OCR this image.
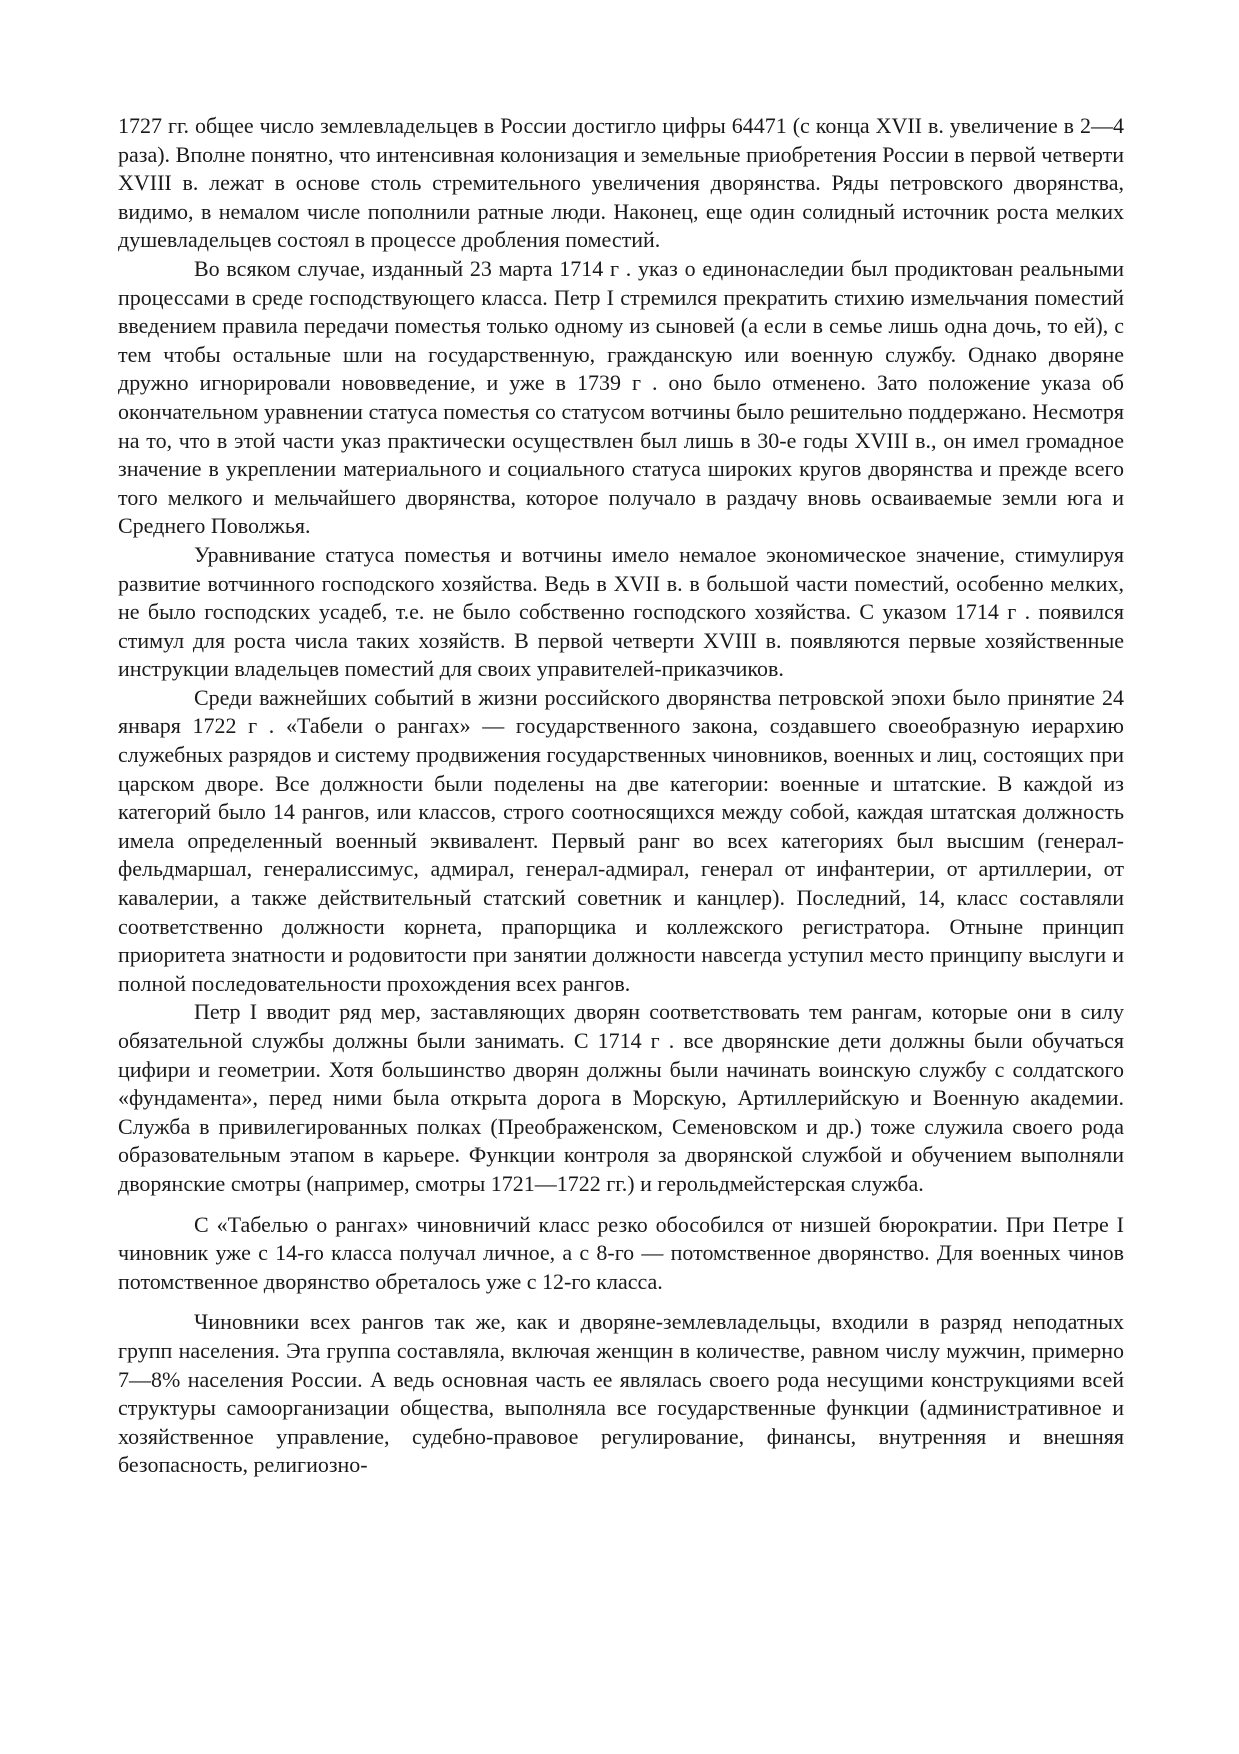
1727 гг. общее число землевладельцев в России достигло цифры 64471 (с конца XVII в. увеличение в 2—4 раза). Вполне понятно, что интенсивная колонизация и земельные приобретения России в первой четверти XVIII в. лежат в основе столь стремительного увеличения дворянства. Ряды петровского дворянства, видимо, в немалом числе пополнили ратные люди. Наконец, еще один солидный источник роста мелких душевладельцев состоял в процессе дробления поместий.

Во всяком случае, изданный 23 марта 1714 г . указ о единонаследии был продиктован реальными процессами в среде господствующего класса. Петр I стремился прекратить стихию измельчания поместий введением правила передачи поместья только одному из сыновей (а если в семье лишь одна дочь, то ей), с тем чтобы остальные шли на государственную, гражданскую или военную службу. Однако дворяне дружно игнорировали нововведение, и уже в 1739 г . оно было отменено. Зато положение указа об окончательном уравнении статуса поместья со статусом вотчины было решительно поддержано. Несмотря на то, что в этой части указ практически осуществлен был лишь в 30-е годы XVIII в., он имел громадное значение в укреплении материального и социального статуса широких кругов дворянства и прежде всего того мелкого и мельчайшего дворянства, которое получало в раздачу вновь осваиваемые земли юга и Среднего Поволжья.

Уравнивание статуса поместья и вотчины имело немалое экономическое значение, стимулируя развитие вотчинного господского хозяйства. Ведь в XVII в. в большой части поместий, особенно мелких, не было господских усадеб, т.е. не было собственно господского хозяйства. С указом 1714 г . появился стимул для роста числа таких хозяйств. В первой четверти XVIII в. появляются первые хозяйственные инструкции владельцев поместий для своих управителей-приказчиков.

Среди важнейших событий в жизни российского дворянства петровской эпохи было принятие 24 января 1722 г . «Табели о рангах» — государственного закона, создавшего своеобразную иерархию служебных разрядов и систему продвижения государственных чиновников, военных и лиц, состоящих при царском дворе. Все должности были поделены на две категории: военные и штатские. В каждой из категорий было 14 рангов, или классов, строго соотносящихся между собой, каждая штатская должность имела определенный военный эквивалент. Первый ранг во всех категориях был высшим (генерал-фельдмаршал, генералиссимус, адмирал, генерал-адмирал, генерал от инфантерии, от артиллерии, от кавалерии, а также действительный статский советник и канцлер). Последний, 14, класс составляли соответственно должности корнета, прапорщика и коллежского регистратора. Отныне принцип приоритета знатности и родовитости при занятии должности навсегда уступил место принципу выслуги и полной последовательности прохождения всех рангов.

Петр I вводит ряд мер, заставляющих дворян соответствовать тем рангам, которые они в силу обязательной службы должны были занимать. С 1714 г . все дворянские дети должны были обучаться цифири и геометрии. Хотя большинство дворян должны были начинать воинскую службу с солдатского «фундамента», перед ними была открыта дорога в Морскую, Артиллерийскую и Военную академии. Служба в привилегированных полках (Преображенском, Семеновском и др.) тоже служила своего рода образовательным этапом в карьере. Функции контроля за дворянской службой и обучением выполняли дворянские смотры (например, смотры 1721—1722 гг.) и герольдмейстерская служба.

С «Табелью о рангах» чиновничий класс резко обособился от низшей бюрократии. При Петре I чиновник уже с 14-го класса получал личное, а с 8-го — потомственное дворянство. Для военных чинов потомственное дворянство обреталось уже с 12-го класса.

Чиновники всех рангов так же, как и дворяне-землевладельцы, входили в разряд неподатных групп населения. Эта группа составляла, включая женщин в количестве, равном числу мужчин, примерно 7—8% населения России. А ведь основная часть ее являлась своего рода несущими конструкциями всей структуры самоорганизации общества, выполняла все государственные функции (административное и хозяйственное управление, судебно-правовое регулирование, финансы, внутренняя и внешняя безопасность, религиозно-
